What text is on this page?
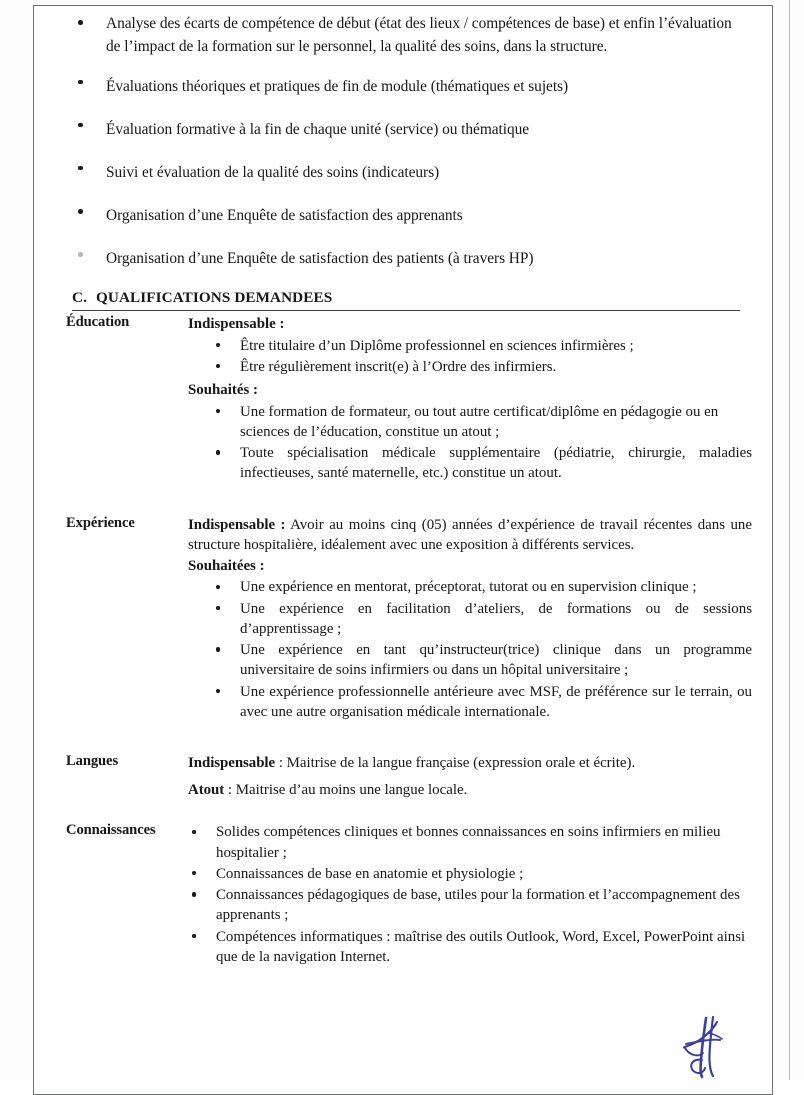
Analyse des écarts de compétence de début (état des lieux / compétences de base) et enfin l’évaluation de l’impact de la formation sur le personnel, la qualité des soins, dans la structure.
Évaluations théoriques et pratiques de fin de module (thématiques et sujets)
Évaluation formative à la fin de chaque unité (service) ou thématique
Suivi et évaluation de la qualité des soins (indicateurs)
Organisation d’une Enquête de satisfaction des apprenants
Organisation d’une Enquête de satisfaction des patients (à travers HP)
C. QUALIFICATIONS DEMANDEES
Éducation	Indispensable :
Être titulaire d’un Diplôme professionnel en sciences infirmières ;
Être régulièrement inscrit(e) à l’Ordre des infirmiers.
Souhaités :
Une formation de formateur, ou tout autre certificat/diplôme en pédagogie ou en sciences de l’éducation, constitue un atout ;
Toute spécialisation médicale supplémentaire (pédiatrie, chirurgie, maladies infectieuses, santé maternelle, etc.) constitue un atout.
Expérience	Indispensable : Avoir au moins cinq (05) années d’expérience de travail récentes dans une structure hospitalière, idéalement avec une exposition à différents services.

Souhaitées :
Une expérience en mentorat, préceptorat, tutorat ou en supervision clinique ;
Une expérience en facilitation d’ateliers, de formations ou de sessions d’apprentissage ;
Une expérience en tant qu’instructeur(trice) clinique dans un programme universitaire de soins infirmiers ou dans un hôpital universitaire ;
Une expérience professionnelle antérieure avec MSF, de préférence sur le terrain, ou avec une autre organisation médicale internationale.
Langues	Indispensable : Maitrise de la langue française (expression orale et écrite).

Atout : Maitrise d’au moins une langue locale.

Connaissances	Solides compétences cliniques et bonnes connaissances en soins infirmiers en milieu hospitalier ;
Connaissances de base en anatomie et physiologie ;
Connaissances pédagogiques de base, utiles pour la formation et l’accompagnement des apprenants ;
Compétences informatiques : maîtrise des outils Outlook, Word, Excel, PowerPoint ainsi que de la navigation Internet.
